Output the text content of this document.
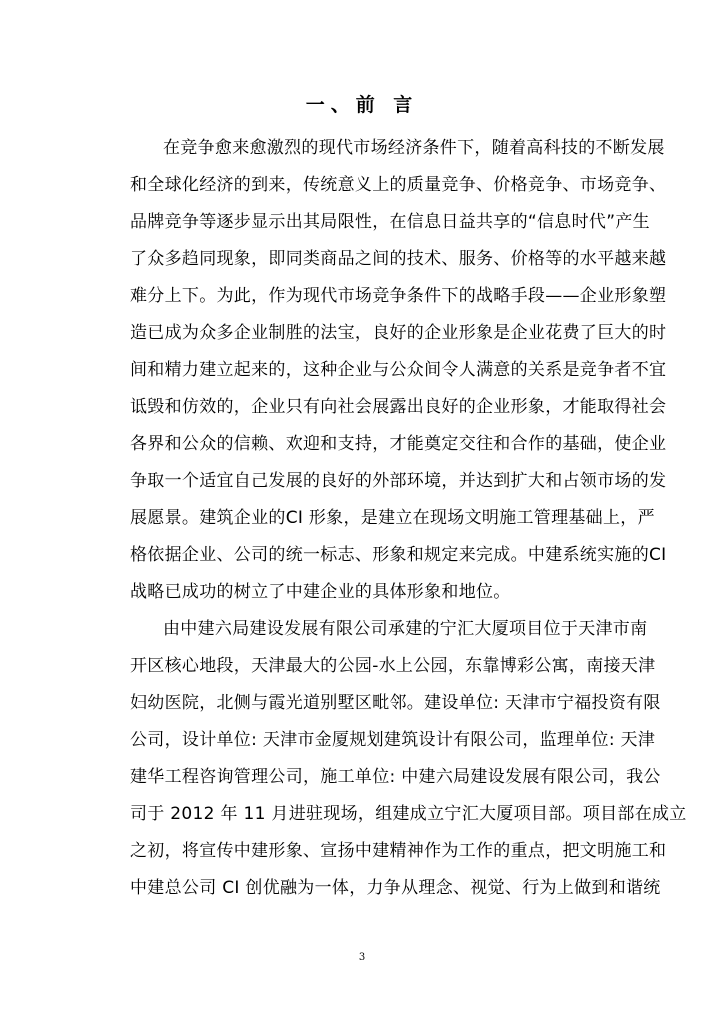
一、前 言
在竞争愈来愈激烈的现代市场经济条件下，随着高科技的不断发展
和全球化经济的到来，传统意义上的质量竞争、价格竞争、市场竞争、
品牌竞争等逐步显示出其局限性，在信息日益共享的“信息时代”产生
了众多趋同现象，即同类商品之间的技术、服务、价格等的水平越来越
难分上下。为此，作为现代市场竞争条件下的战略手段——企业形象塑
造已成为众多企业制胜的法宝，良好的企业形象是企业花费了巨大的时
间和精力建立起来的，这种企业与公众间令人满意的关系是竞争者不宜
诋毁和仿效的，企业只有向社会展露出良好的企业形象，才能取得社会
各界和公众的信赖、欢迎和支持，才能奠定交往和合作的基础，使企业
争取一个适宜自己发展的良好的外部环境，并达到扩大和占领市场的发
展愿景。建筑企业的CI 形象，是建立在现场文明施工管理基础上，严
格依据企业、公司的统一标志、形象和规定来完成。中建系统实施的CI
战略已成功的树立了中建企业的具体形象和地位。
由中建六局建设发展有限公司承建的宁汇大厦项目位于天津市南
开区核心地段，天津最大的公园-水上公园，东靠博彩公寓，南接天津
妇幼医院，北侧与霞光道别墅区毗邻。建设单位: 天津市宁福投资有限
公司，设计单位: 天津市金厦规划建筑设计有限公司，监理单位: 天津
建华工程咨询管理公司，施工单位: 中建六局建设发展有限公司，我公
司于 2012 年 11 月进驻现场，组建成立宁汇大厦项目部。项目部在成立
之初，将宣传中建形象、宣扬中建精神作为工作的重点，把文明施工和
中建总公司 CI 创优融为一体，力争从理念、视觉、行为上做到和谐统
3
